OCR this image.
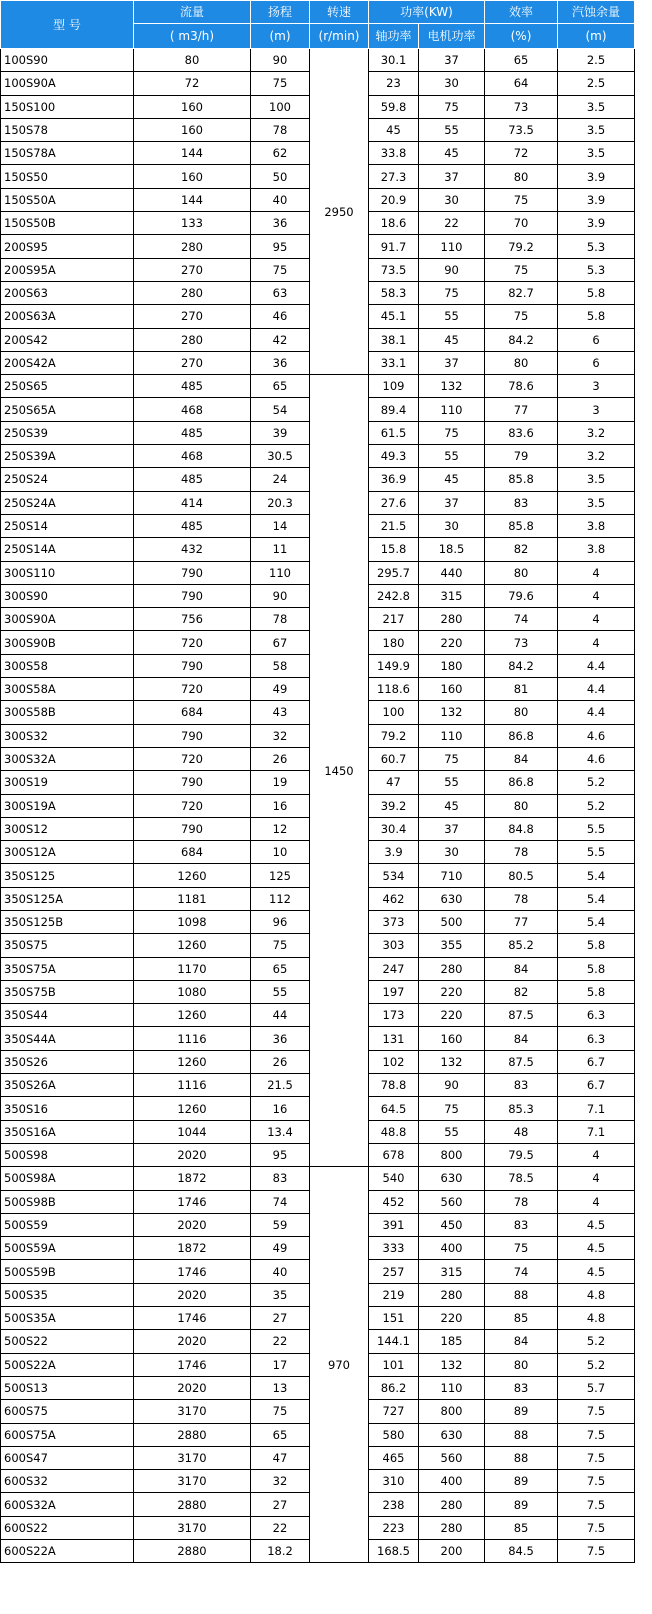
型 号	流量	扬程	转速	功率(KW)		效率	汽蚀余量
	( m3/h)	(m)	(r/min)	轴功率	电机功率	(%)	(m)
100S90	80	90	2950	30.1	37	65	2.5
100S90A	72	75		23	30	64	2.5
150S100	160	100		59.8	75	73	3.5
150S78	160	78		45	55	73.5	3.5
150S78A	144	62		33.8	45	72	3.5
150S50	160	50		27.3	37	80	3.9
150S50A	144	40		20.9	30	75	3.9
150S50B	133	36		18.6	22	70	3.9
200S95	280	95		91.7	110	79.2	5.3
200S95A	270	75		73.5	90	75	5.3
200S63	280	63		58.3	75	82.7	5.8
200S63A	270	46		45.1	55	75	5.8
200S42	280	42		38.1	45	84.2	6
200S42A	270	36		33.1	37	80	6
250S65	485	65	1450	109	132	78.6	3
250S65A	468	54		89.4	110	77	3
250S39	485	39		61.5	75	83.6	3.2
250S39A	468	30.5		49.3	55	79	3.2
250S24	485	24		36.9	45	85.8	3.5
250S24A	414	20.3		27.6	37	83	3.5
250S14	485	14		21.5	30	85.8	3.8
250S14A	432	11		15.8	18.5	82	3.8
300S110	790	110		295.7	440	80	4
300S90	790	90		242.8	315	79.6	4
300S90A	756	78		217	280	74	4
300S90B	720	67		180	220	73	4
300S58	790	58		149.9	180	84.2	4.4
300S58A	720	49		118.6	160	81	4.4
300S58B	684	43		100	132	80	4.4
300S32	790	32		79.2	110	86.8	4.6
300S32A	720	26		60.7	75	84	4.6
300S19	790	19		47	55	86.8	5.2
300S19A	720	16		39.2	45	80	5.2
300S12	790	12		30.4	37	84.8	5.5
300S12A	684	10		3.9	30	78	5.5
350S125	1260	125		534	710	80.5	5.4
350S125A	1181	112		462	630	78	5.4
350S125B	1098	96		373	500	77	5.4
350S75	1260	75		303	355	85.2	5.8
350S75A	1170	65		247	280	84	5.8
350S75B	1080	55		197	220	82	5.8
350S44	1260	44		173	220	87.5	6.3
350S44A	1116	36		131	160	84	6.3
350S26	1260	26		102	132	87.5	6.7
350S26A	1116	21.5		78.8	90	83	6.7
350S16	1260	16		64.5	75	85.3	7.1
350S16A	1044	13.4		48.8	55	48	7.1
500S98	2020	95		678	800	79.5	4
500S98A	1872	83	970	540	630	78.5	4
500S98B	1746	74		452	560	78	4
500S59	2020	59		391	450	83	4.5
500S59A	1872	49		333	400	75	4.5
500S59B	1746	40		257	315	74	4.5
500S35	2020	35		219	280	88	4.8
500S35A	1746	27		151	220	85	4.8
500S22	2020	22		144.1	185	84	5.2
500S22A	1746	17		101	132	80	5.2
500S13	2020	13		86.2	110	83	5.7
600S75	3170	75		727	800	89	7.5
600S75A	2880	65		580	630	88	7.5
600S47	3170	47		465	560	88	7.5
600S32	3170	32		310	400	89	7.5
600S32A	2880	27		238	280	89	7.5
600S22	3170	22		223	280	85	7.5
600S22A	2880	18.2		168.5	200	84.5	7.5
